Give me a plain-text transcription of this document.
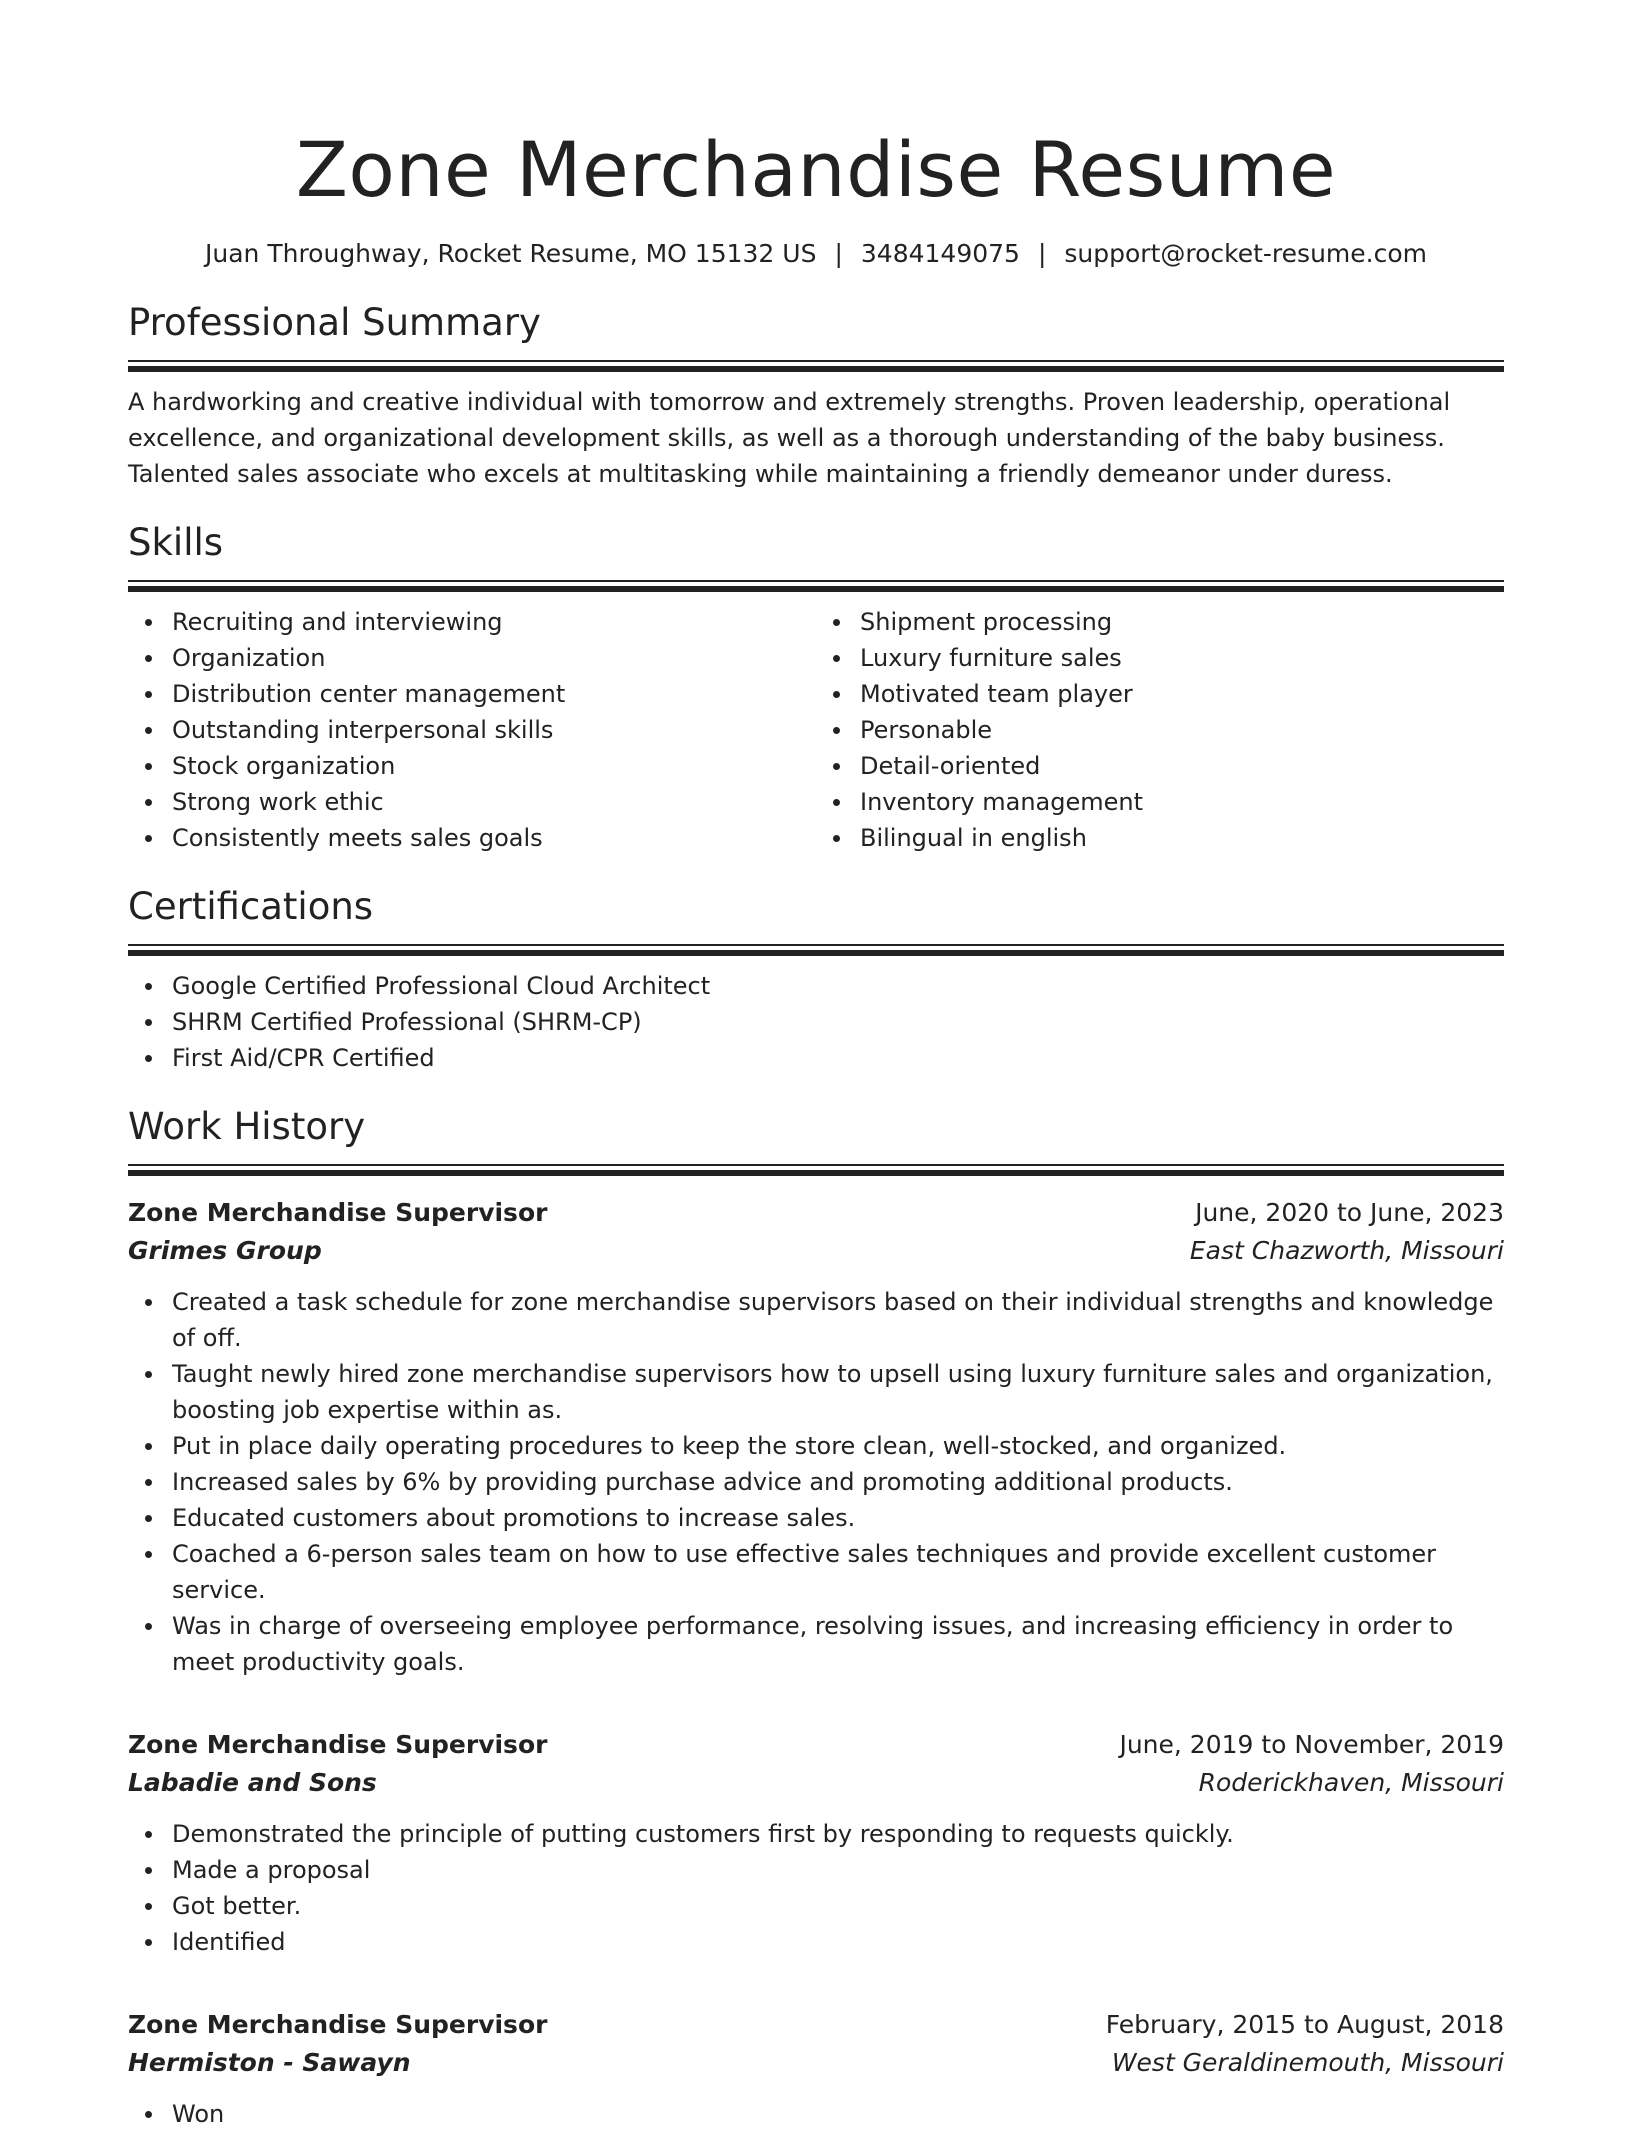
Zone Merchandise Resume
Juan Throughway, Rocket Resume, MO 15132 US | 3484149075 | support@rocket-resume.com
Professional Summary

A hardworking and creative individual with tomorrow and extremely strengths. Proven leadership, operational excellence, and organizational development skills, as well as a thorough understanding of the baby business. Talented sales associate who excels at multitasking while maintaining a friendly demeanor under duress.

Skills
Recruiting and interviewing
Organization
Distribution center management
Outstanding interpersonal skills
Stock organization
Strong work ethic
Consistently meets sales goals
Shipment processing
Luxury furniture sales
Motivated team player
Personable
Detail-oriented
Inventory management
Bilingual in english
Certifications
Google Certified Professional Cloud Architect
SHRM Certified Professional (SHRM-CP)
First Aid/CPR Certified
Work History
Zone Merchandise Supervisor	June, 2020 to June, 2023
Grimes Group	East Chazworth, Missouri
Created a task schedule for zone merchandise supervisors based on their individual strengths and knowledge of off.
Taught newly hired zone merchandise supervisors how to upsell using luxury furniture sales and organization, boosting job expertise within as.
Put in place daily operating procedures to keep the store clean, well-stocked, and organized.
Increased sales by 6% by providing purchase advice and promoting additional products.
Educated customers about promotions to increase sales.
Coached a 6-person sales team on how to use effective sales techniques and provide excellent customer service.
Was in charge of overseeing employee performance, resolving issues, and increasing efficiency in order to meet productivity goals.
Zone Merchandise Supervisor	June, 2019 to November, 2019
Labadie and Sons	Roderickhaven, Missouri
Demonstrated the principle of putting customers first by responding to requests quickly.
Made a proposal
Got better.
Identified
Zone Merchandise Supervisor	February, 2015 to August, 2018
Hermiston - Sawayn	West Geraldinemouth, Missouri
Won
